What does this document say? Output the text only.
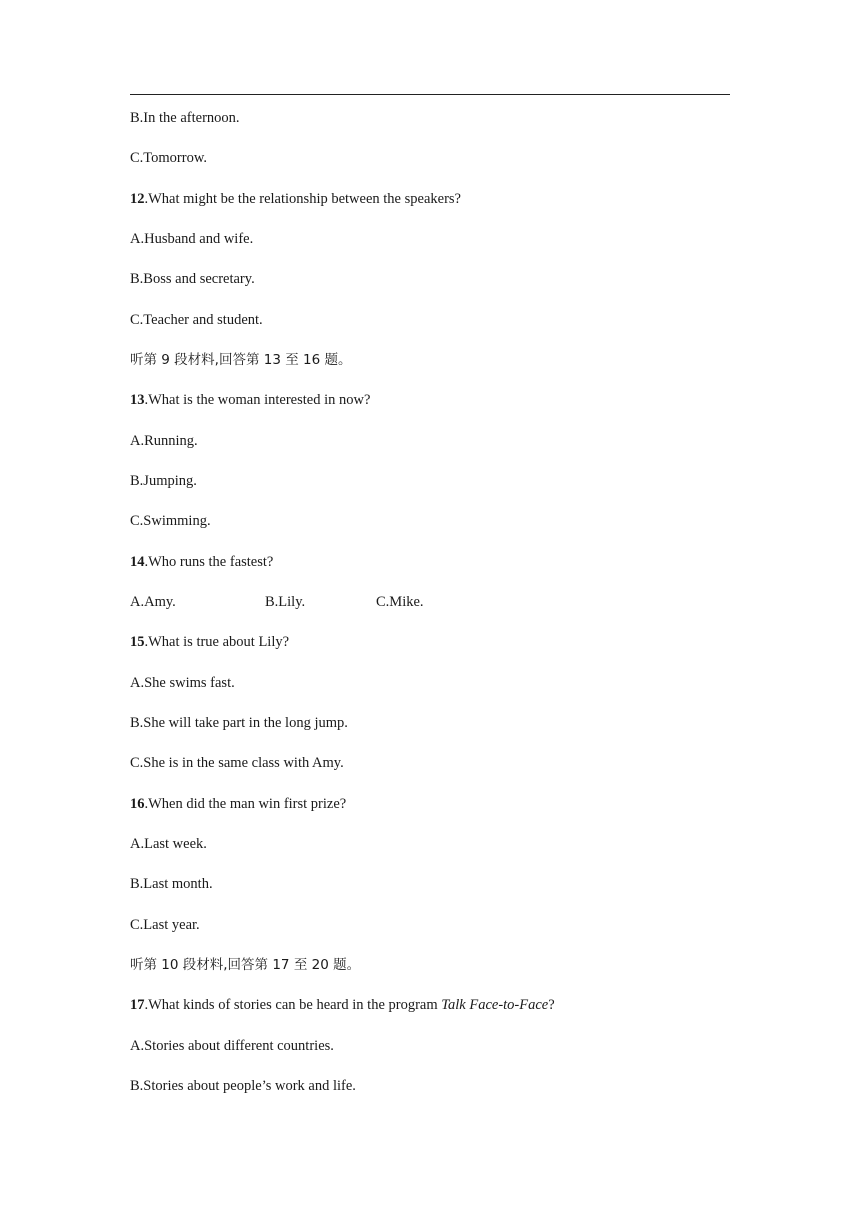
B.In the afternoon.
C.Tomorrow.
12.What might be the relationship between the speakers?
A.Husband and wife.
B.Boss and secretary.
C.Teacher and student.
听第 9 段材料,回答第 13 至 16 题。
13.What is the woman interested in now?
A.Running.
B.Jumping.
C.Swimming.
14.Who runs the fastest?
A.Amy.	B.Lily.	C.Mike.
15.What is true about Lily?
A.She swims fast.
B.She will take part in the long jump.
C.She is in the same class with Amy.
16.When did the man win first prize?
A.Last week.
B.Last month.
C.Last year.
听第 10 段材料,回答第 17 至 20 题。
17.What kinds of stories can be heard in the program Talk Face-to-Face?
A.Stories about different countries.
B.Stories about people’s work and life.
